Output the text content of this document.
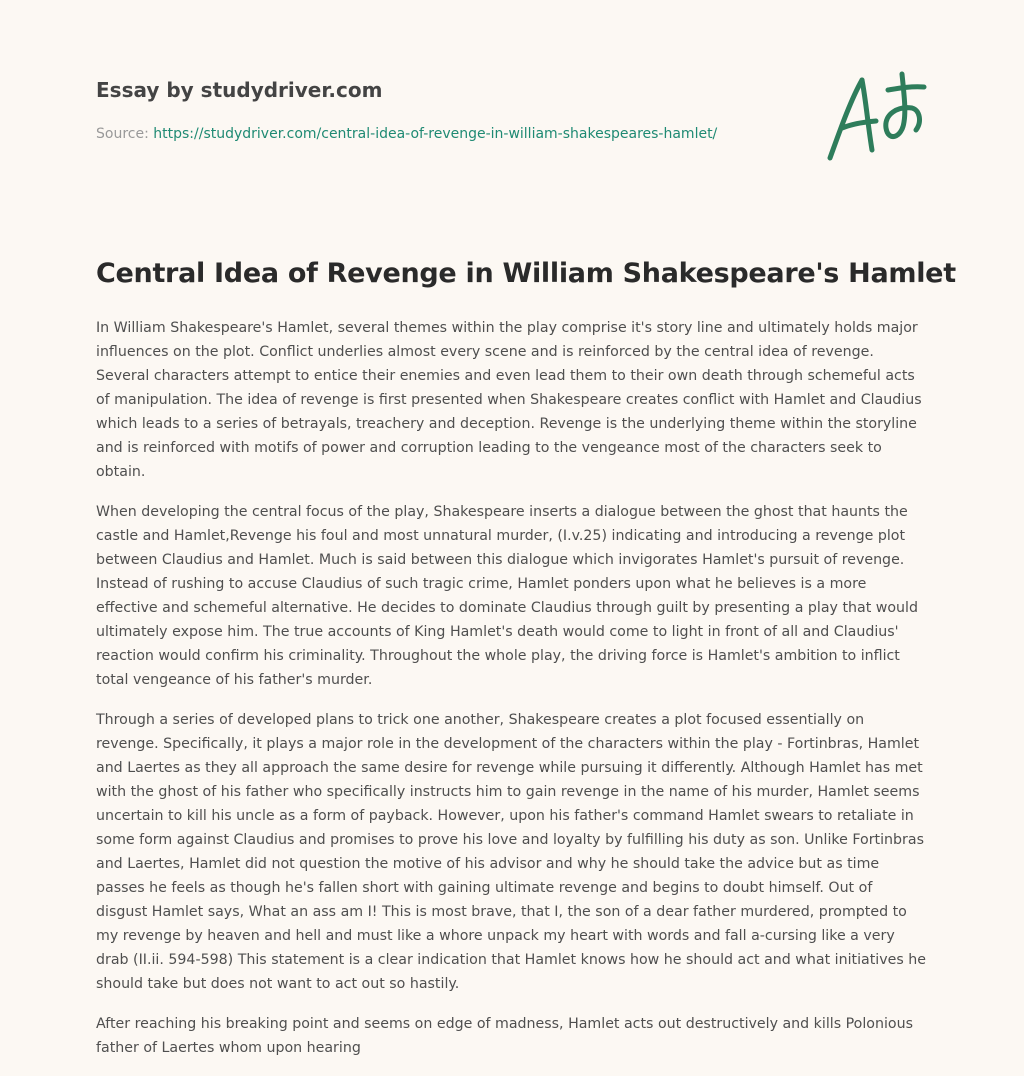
Essay by studydriver.com
Source: https://studydriver.com/central-idea-of-revenge-in-william-shakespeares-hamlet/
Central Idea of Revenge in William Shakespeare's Hamlet

In William Shakespeare's Hamlet, several themes within the play comprise it's story line and ultimately holds major influences on the plot. Conflict underlies almost every scene and is reinforced by the central idea of revenge. Several characters attempt to entice their enemies and even lead them to their own death through schemeful acts of manipulation. The idea of revenge is first presented when Shakespeare creates conflict with Hamlet and Claudius which leads to a series of betrayals, treachery and deception. Revenge is the underlying theme within the storyline and is reinforced with motifs of power and corruption leading to the vengeance most of the characters seek to obtain.

When developing the central focus of the play, Shakespeare inserts a dialogue between the ghost that haunts the castle and Hamlet,Revenge his foul and most unnatural murder, (I.v.25) indicating and introducing a revenge plot between Claudius and Hamlet. Much is said between this dialogue which invigorates Hamlet's pursuit of revenge. Instead of rushing to accuse Claudius of such tragic crime, Hamlet ponders upon what he believes is a more effective and schemeful alternative. He decides to dominate Claudius through guilt by presenting a play that would ultimately expose him. The true accounts of King Hamlet's death would come to light in front of all and Claudius' reaction would confirm his criminality. Throughout the whole play, the driving force is Hamlet's ambition to inflict total vengeance of his father's murder.

Through a series of developed plans to trick one another, Shakespeare creates a plot focused essentially on revenge. Specifically, it plays a major role in the development of the characters within the play - Fortinbras, Hamlet and Laertes as they all approach the same desire for revenge while pursuing it differently. Although Hamlet has met with the ghost of his father who specifically instructs him to gain revenge in the name of his murder, Hamlet seems uncertain to kill his uncle as a form of payback. However, upon his father's command Hamlet swears to retaliate in some form against Claudius and promises to prove his love and loyalty by fulfilling his duty as son. Unlike Fortinbras and Laertes, Hamlet did not question the motive of his advisor and why he should take the advice but as time passes he feels as though he's fallen short with gaining ultimate revenge and begins to doubt himself. Out of disgust Hamlet says, What an ass am I! This is most brave, that I, the son of a dear father murdered, prompted to my revenge by heaven and hell and must like a whore unpack my heart with words and fall a-cursing like a very drab (II.ii. 594-598) This statement is a clear indication that Hamlet knows how he should act and what initiatives he should take but does not want to act out so hastily.

After reaching his breaking point and seems on edge of madness, Hamlet acts out destructively and kills Polonious father of Laertes whom upon hearing
